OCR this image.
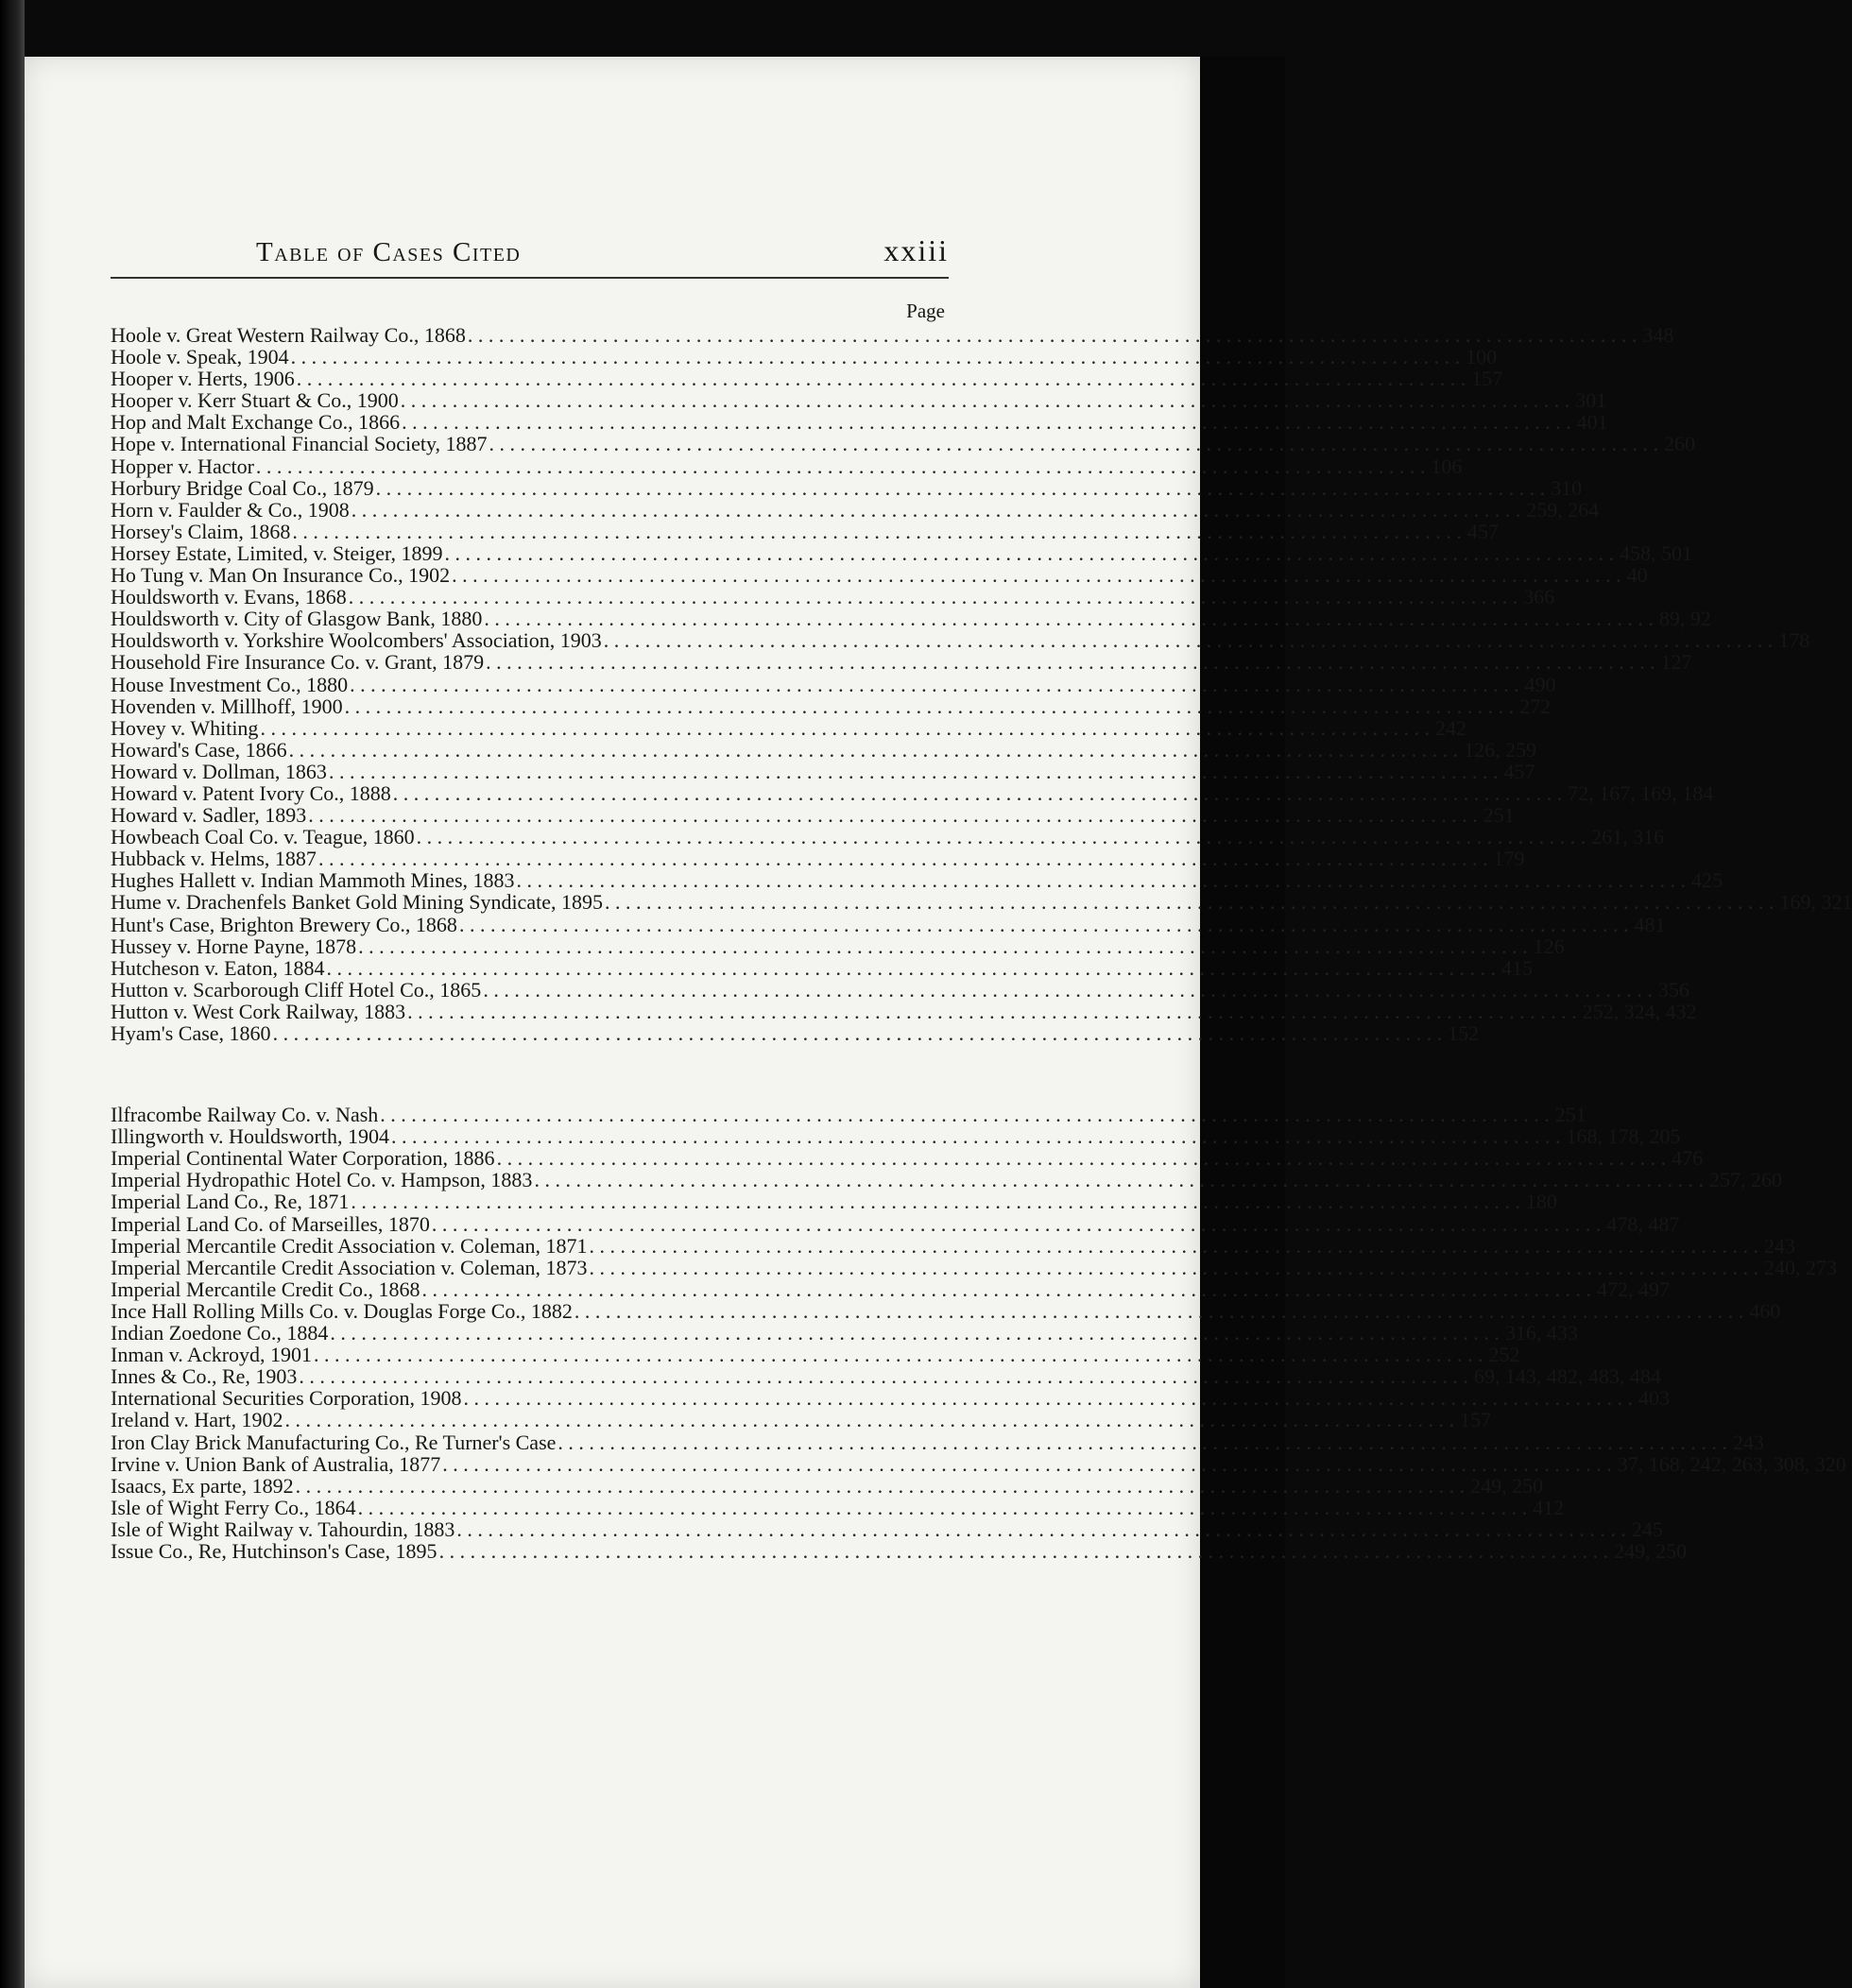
Table of Cases Cited	xxiii
Page
Hoole v. Great Western Railway Co., 1868 . . .	348
Hoole v. Speak, 1904 . . .	100
Hooper v. Herts, 1906 . . .	157
Hooper v. Kerr Stuart & Co., 1900 . . .	301
Hop and Malt Exchange Co., 1866 . . .	401
Hope v. International Financial Society, 1887 . . .	260
Hopper v. Hactor . . .	106
Horbury Bridge Coal Co., 1879 . . .	310
Horn v. Faulder & Co., 1908 . . .	259, 264
Horsey's Claim, 1868 . . .	457
Horsey Estate, Limited, v. Steiger, 1899 . . .	458, 501
Ho Tung v. Man On Insurance Co., 1902 . . .	40
Houldsworth v. Evans, 1868 . . .	366
Houldsworth v. City of Glasgow Bank, 1880 . . .	89, 92
Houldsworth v. Yorkshire Woolcombers' Association, 1903 . . .	178
Household Fire Insurance Co. v. Grant, 1879 . . .	127
House Investment Co., 1880 . . .	490
Hovenden v. Millhoff, 1900 . . .	272
Hovey v. Whiting . . .	242
Howard's Case, 1866 . . .	126, 259
Howard v. Dollman, 1863 . . .	457
Howard v. Patent Ivory Co., 1888 . . .	72, 167, 169, 184
Howard v. Sadler, 1893 . . .	251
Howbeach Coal Co. v. Teague, 1860 . . .	261, 316
Hubback v. Helms, 1887 . . .	179
Hughes Hallett v. Indian Mammoth Mines, 1883 . . .	425
Hume v. Drachenfels Banket Gold Mining Syndicate, 1895 . . .	169, 321
Hunt's Case, Brighton Brewery Co., 1868 . . .	481
Hussey v. Horne Payne, 1878 . . .	126
Hutcheson v. Eaton, 1884 . . .	415
Hutton v. Scarborough Cliff Hotel Co., 1865 . . .	356
Hutton v. West Cork Railway, 1883 . . .	252, 324, 432
Hyam's Case, 1860 . . .	152
Ilfracombe Railway Co. v. Nash . . .	251
Illingworth v. Houldsworth, 1904 . . .	168, 178, 205
Imperial Continental Water Corporation, 1886 . . .	476
Imperial Hydropathic Hotel Co. v. Hampson, 1883 . . .	257, 260
Imperial Land Co., Re, 1871 . . .	180
Imperial Land Co. of Marseilles, 1870 . . .	478, 487
Imperial Mercantile Credit Association v. Coleman, 1871 . . .	243
Imperial Mercantile Credit Association v. Coleman, 1873 . . .	240, 273
Imperial Mercantile Credit Co., 1868 . . .	472, 497
Ince Hall Rolling Mills Co. v. Douglas Forge Co., 1882 . . .	460
Indian Zoedone Co., 1884 . . .	316, 433
Inman v. Ackroyd, 1901 . . .	252
Innes & Co., Re, 1903 . . .	69, 143, 482, 483, 484
International Securities Corporation, 1908 . . .	403
Ireland v. Hart, 1902 . . .	157
Iron Clay Brick Manufacturing Co., Re Turner's Case . . .	243
Irvine v. Union Bank of Australia, 1877 . . .	37, 168, 242, 263, 308, 320
Isaacs, Ex parte, 1892 . . .	249, 250
Isle of Wight Ferry Co., 1864 . . .	412
Isle of Wight Railway v. Tahourdin, 1883 . . .	245
Issue Co., Re, Hutchinson's Case, 1895 . . .	249, 250
